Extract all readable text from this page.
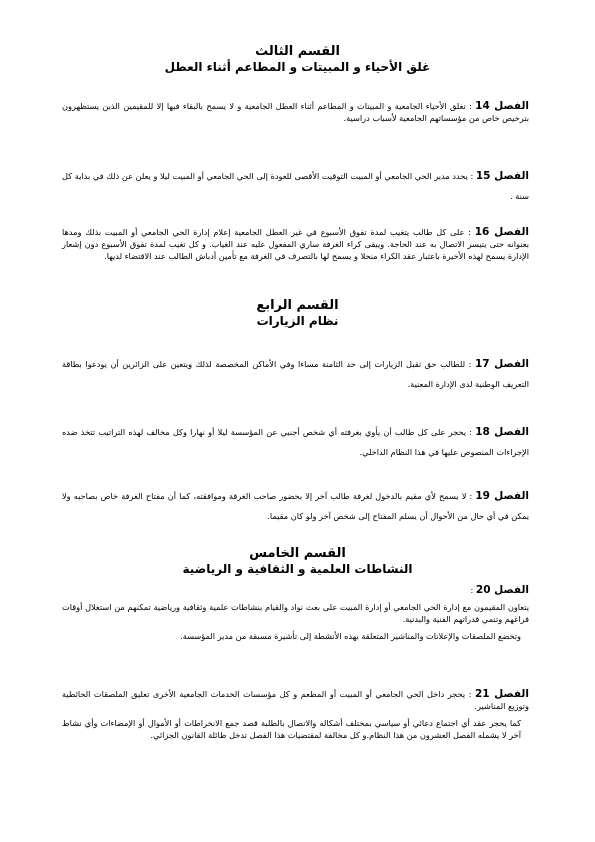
القسم الثالث
غلق الأحياء و المبيتات و المطاعم أثناء العطل

الفصل 14 : تغلق الأحياء الجامعية و المبيتات و المطاعم أثناء العطل الجامعية و لا يسمح بالبقاء فيها إلا للمقيمين الذين يستظهرون بترخيص خاص من مؤسساتهم الجامعية لأسباب دراسية.

الفصل 15 : يحدد مدير الحي الجامعي أو المبيت التوقيت الأقصى للعودة إلى الحي الجامعي أو المبيت ليلا و يعلن عن ذلك في بداية كل سنة .

الفصل 16 : على كل طالب يتغيب لمدة تفوق الأسبوع في غير العطل الجامعية إعلام إدارة الحي الجامعي أو المبيت بذلك ومدها بعنوانه حتى يتيسر الاتصال به عند الحاجة. ويبقى كراء الغرفة ساري المفعول عليه عند الغياب. و كل تغيب لمدة تفوق الأسبوع دون إشعار الإدارة يسمح لهذه الأخيرة باعتبار عقد الكراء منحلا و يسمح لها بالتصرف في الغرفة مع تأمين أدباش الطالب عند الاقتضاء لديها.

القسم الرابع
نظام الزيارات

الفصل 17 : للطالب حق تقبل الزيارات إلى حد الثامنة مساءا وفي الأماكن المخصصة لذلك ويتعين على الزائرين أن يودعوا بطاقة التعريف الوطنية لدى الإدارة المعنية.

الفصل 18 : يحجر على كل طالب أن يأوي بغرفته أي شخص أجنبي عن المؤسسة ليلا أو نهارا وكل مخالف لهذه التراتيب تتخذ ضده الإجراءات المنصوص عليها في هذا النظام الداخلي.

الفصل 19 : لا يسمح لأي مقيم بالدخول لغرفة طالب آخر إلا بحضور صاحب الغرفة وموافقته، كما أن مفتاح الغرفة خاص بصاحبه ولا يمكن في أي حال من الأحوال أن يسلم المفتاح إلى شخص آخر ولو كان مقيما.

القسم الخامس
النشاطات العلمية و الثقافية و الرياضية

الفصل 20 :

يتعاون المقيمون مع إدارة الحي الجامعي أو إدارة المبيت على بعث نواد والقيام بنشاطات علمية وثقافية ورياضية تمكنهم من استغلال أوقات فراغهم وتنمي قدراتهم الفنية والبدنية.

وتخضع الملصقات والإعلانات والمناشير المتعلقة بهذه الأنشطة إلى تأشيرة مسبقة من مدير المؤسسة.

الفصل 21 : يحجر داخل الحي الجامعي أو المبيت أو المطعم و كل مؤسسات الخدمات الجامعية الأخرى تعليق الملصقات الحائطية وتوزيع المناشير.

كما يحجر عقد أي اجتماع دعائي أو سياسي بمختلف أشكاله والاتصال بالطلبة قصد جمع الانخراطات أو الأموال أو الإمضاءات وأي نشاط آخر لا يشمله الفصل العشرون من هذا النظام.و كل مخالفة لمقتضيات هذا الفصل تدخل طائلة القانون الجزائي.
